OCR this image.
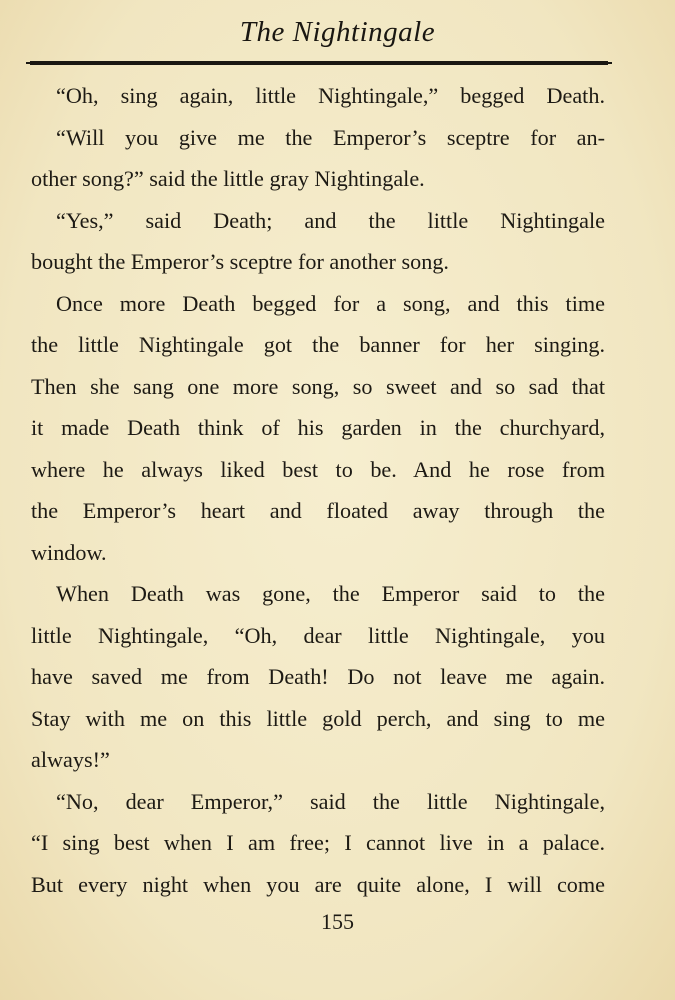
The Nightingale
“Oh, sing again, little Nightingale,” begged Death.
“Will you give me the Emperor’s sceptre for an-
other song?” said the little gray Nightingale.
“Yes,” said Death; and the little Nightingale
bought the Emperor’s sceptre for another song.
Once more Death begged for a song, and this time
the little Nightingale got the banner for her singing.
Then she sang one more song, so sweet and so sad that
it made Death think of his garden in the churchyard,
where he always liked best to be. And he rose from
the Emperor’s heart and floated away through the
window.
When Death was gone, the Emperor said to the
little Nightingale, “Oh, dear little Nightingale, you
have saved me from Death! Do not leave me again.
Stay with me on this little gold perch, and sing to me
always!”
“No, dear Emperor,” said the little Nightingale,
“I sing best when I am free; I cannot live in a palace.
But every night when you are quite alone, I will come
155
